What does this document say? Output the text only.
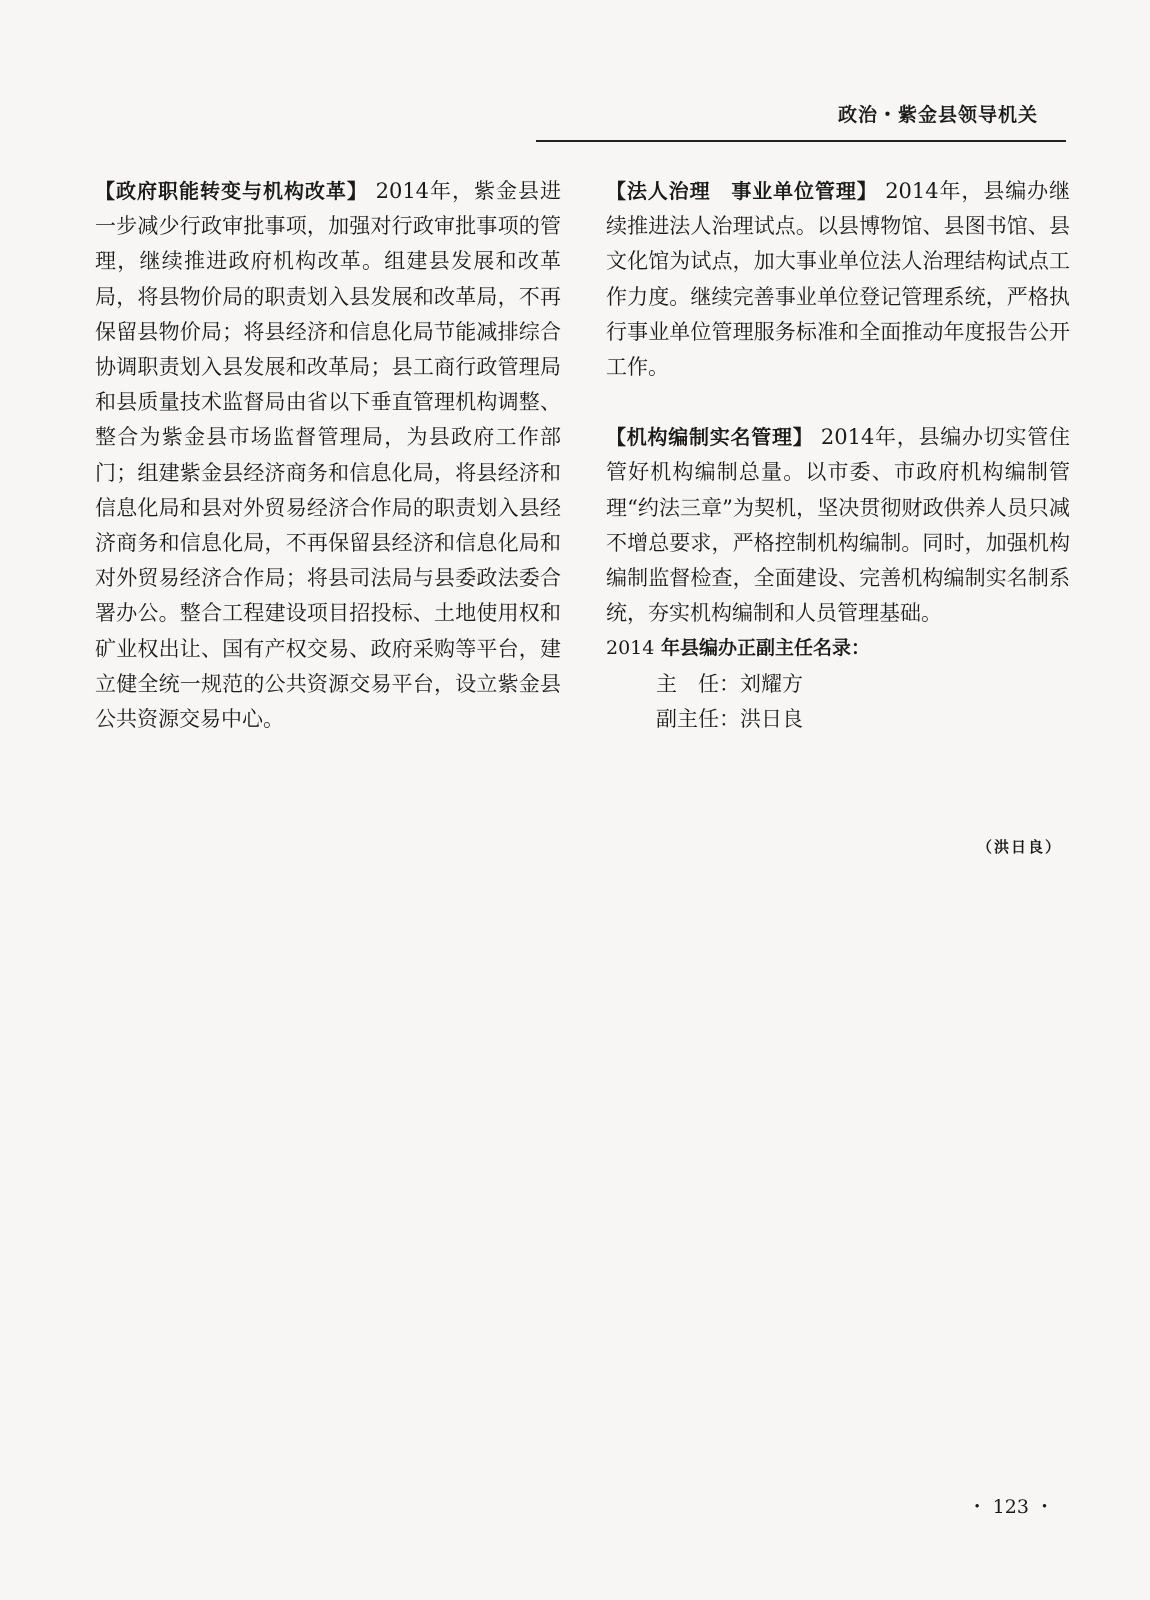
政治・紫金县领导机关

【政府职能转变与机构改革】 2014年，紫金县进一步减少行政审批事项，加强对行政审批事项的管理，继续推进政府机构改革。组建县发展和改革局，将县物价局的职责划入县发展和改革局，不再保留县物价局；将县经济和信息化局节能减排综合协调职责划入县发展和改革局；县工商行政管理局和县质量技术监督局由省以下垂直管理机构调整、整合为紫金县市场监督管理局，为县政府工作部门；组建紫金县经济商务和信息化局，将县经济和信息化局和县对外贸易经济合作局的职责划入县经济商务和信息化局，不再保留县经济和信息化局和对外贸易经济合作局；将县司法局与县委政法委合署办公。整合工程建设项目招投标、土地使用权和矿业权出让、国有产权交易、政府采购等平台，建立健全统一规范的公共资源交易平台，设立紫金县公共资源交易中心。

【法人治理　事业单位管理】 2014年，县编办继续推进法人治理试点。以县博物馆、县图书馆、县文化馆为试点，加大事业单位法人治理结构试点工作力度。继续完善事业单位登记管理系统，严格执行事业单位管理服务标准和全面推动年度报告公开工作。

【机构编制实名管理】 2014年，县编办切实管住管好机构编制总量。以市委、市政府机构编制管理“约法三章”为契机，坚决贯彻财政供养人员只减不增总要求，严格控制机构编制。同时，加强机构编制监督检查，全面建设、完善机构编制实名制系统，夯实机构编制和人员管理基础。

2014 年县编办正副主任名录：
主　任：刘耀方
副主任：洪日良
（洪日良）
・ 123 ・
